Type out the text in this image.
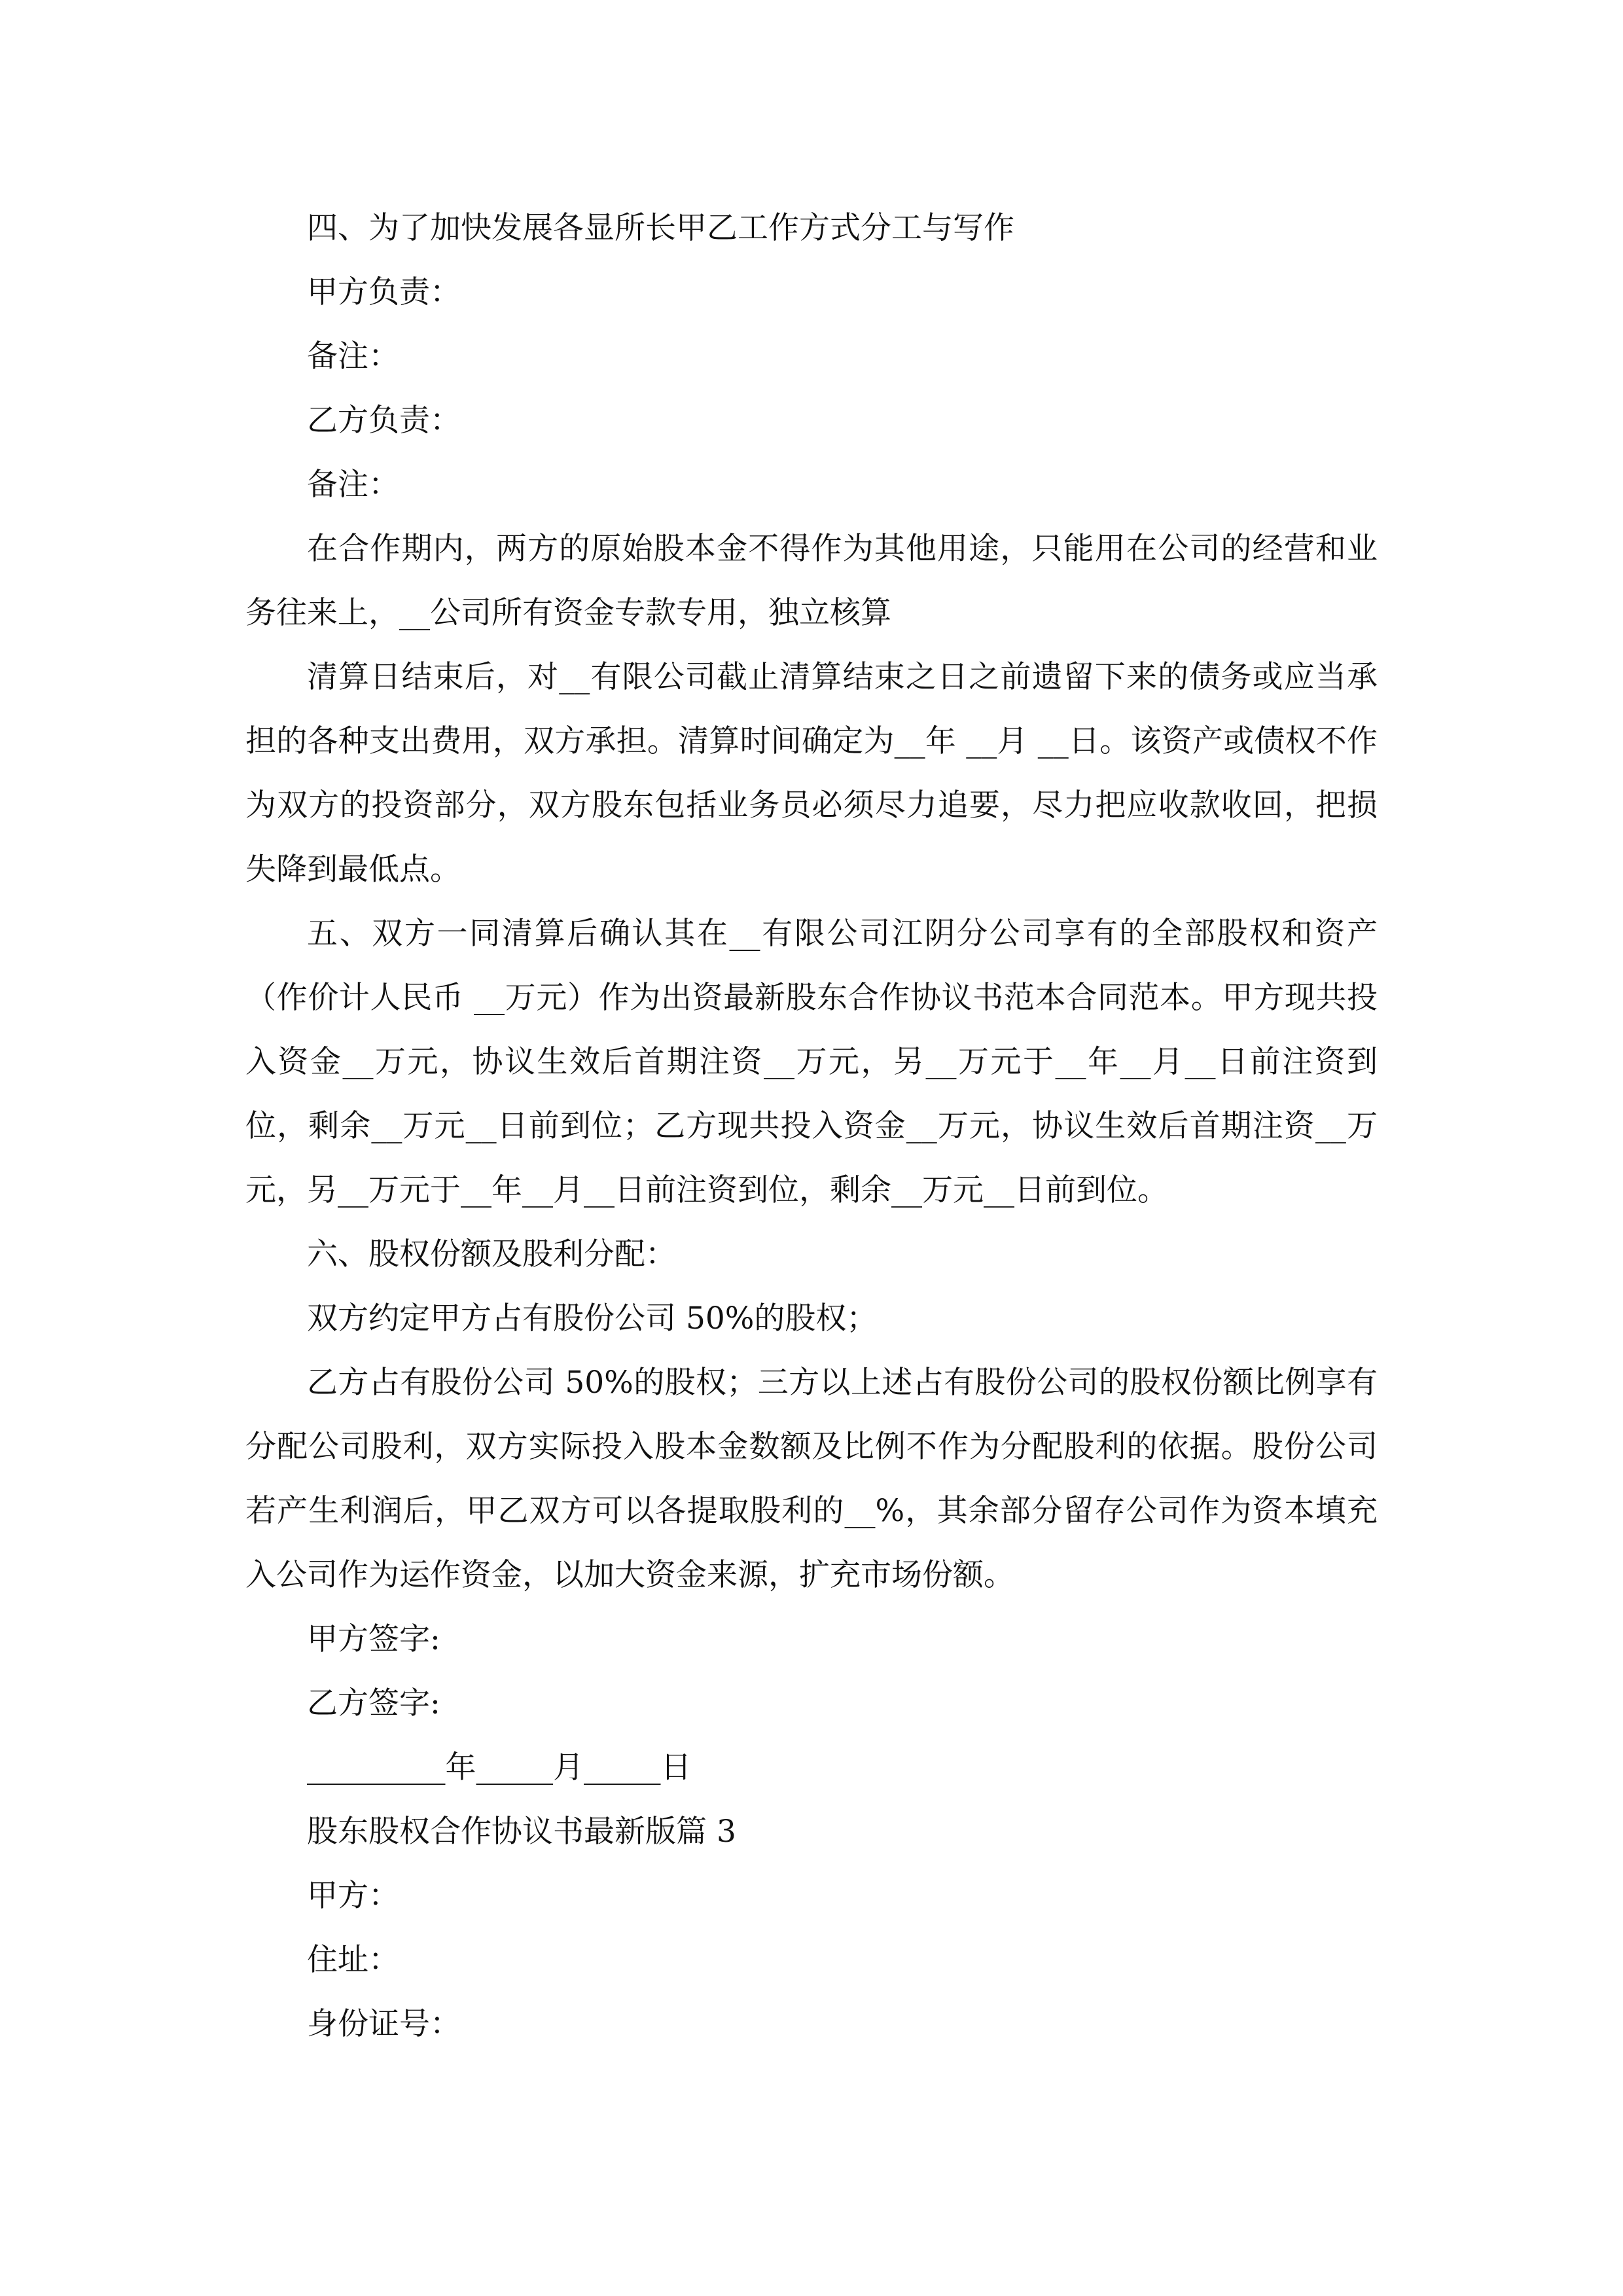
四、为了加快发展各显所长甲乙工作方式分工与写作

甲方负责：

备注：

乙方负责：

备注：

在合作期内，两方的原始股本金不得作为其他用途，只能用在公司的经营和业务往来上，__公司所有资金专款专用，独立核算

清算日结束后，对__有限公司截止清算结束之日之前遗留下来的债务或应当承担的各种支出费用，双方承担。清算时间确定为__年 __月 __日。该资产或债权不作为双方的投资部分，双方股东包括业务员必须尽力追要，尽力把应收款收回，把损失降到最低点。

五、双方一同清算后确认其在__有限公司江阴分公司享有的全部股权和资产（作价计人民币 __万元）作为出资最新股东合作协议书范本合同范本。甲方现共投入资金__万元，协议生效后首期注资__万元，另__万元于__年__月__日前注资到位，剩余__万元__日前到位；乙方现共投入资金__万元，协议生效后首期注资__万元，另__万元于__年__月__日前注资到位，剩余__万元__日前到位。

六、股权份额及股利分配：

双方约定甲方占有股份公司 50%的股权；

乙方占有股份公司 50%的股权；三方以上述占有股份公司的股权份额比例享有分配公司股利，双方实际投入股本金数额及比例不作为分配股利的依据。股份公司若产生利润后，甲乙双方可以各提取股利的__%，其余部分留存公司作为资本填充入公司作为运作资金，以加大资金来源，扩充市场份额。

甲方签字:

乙方签字:

_________年_____月_____日

股东股权合作协议书最新版篇 3

甲方：

住址：

身份证号：
